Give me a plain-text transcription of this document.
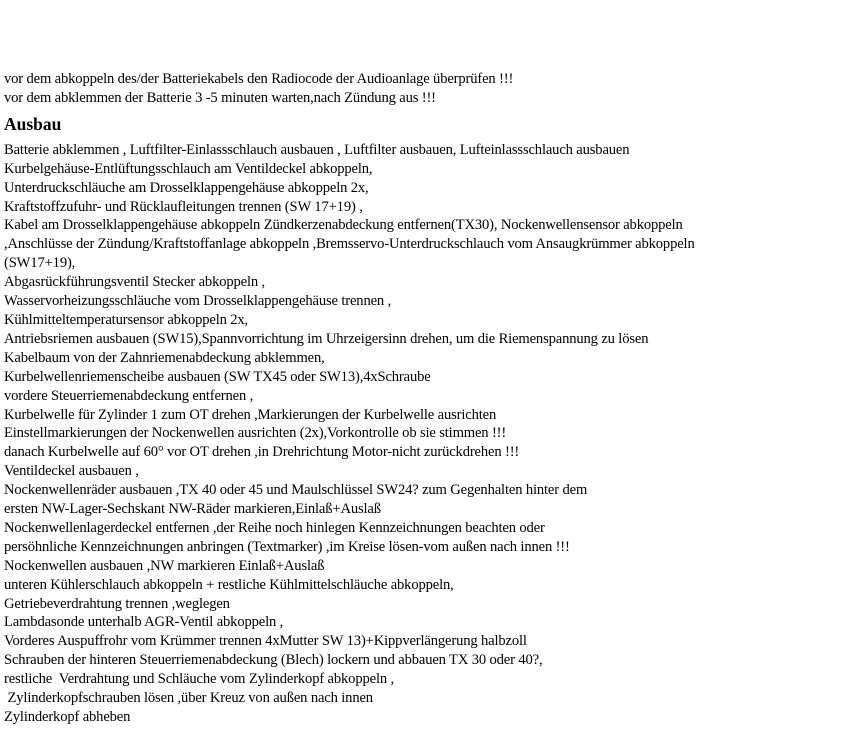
vor dem abkoppeln des/der Batteriekabels den Radiocode der Audioanlage überprüfen !!!
vor dem abklemmen der Batterie 3 -5 minuten warten,nach Zündung aus !!!
Ausbau
Batterie abklemmen , Luftfilter-Einlassschlauch ausbauen , Luftfilter ausbauen, Lufteinlassschlauch ausbauen
Kurbelgehäuse-Entlüftungsschlauch am Ventildeckel abkoppeln,
Unterdruckschläuche am Drosselklappengehäuse abkoppeln 2x,
Kraftstoffzufuhr- und Rücklaufleitungen trennen (SW 17+19) ,
Kabel am Drosselklappengehäuse abkoppeln Zündkerzenabdeckung entfernen(TX30), Nockenwellensensor abkoppeln
,Anschlüsse der Zündung/Kraftstoffanlage abkoppeln ,Bremsservo-Unterdruckschlauch vom Ansaugkrümmer abkoppeln
(SW17+19),
Abgasrückführungsventil Stecker abkoppeln ,
Wasservorheizungsschläuche vom Drosselklappengehäuse trennen ,
Kühlmitteltemperatursensor abkoppeln 2x,
Antriebsriemen ausbauen (SW15),Spannvorrichtung im Uhrzeigersinn drehen, um die Riemenspannung zu lösen
Kabelbaum von der Zahnriemenabdeckung abklemmen,
Kurbelwellenriemenscheibe ausbauen (SW TX45 oder SW13),4xSchraube
vordere Steuerriemenabdeckung entfernen ,
Kurbelwelle für Zylinder 1 zum OT drehen ,Markierungen der Kurbelwelle ausrichten
Einstellmarkierungen der Nockenwellen ausrichten (2x),Vorkontrolle ob sie stimmen !!!
danach Kurbelwelle auf 60° vor OT drehen ,in Drehrichtung Motor-nicht zurückdrehen !!!
Ventildeckel ausbauen ,
Nockenwellenräder ausbauen ,TX 40 oder 45 und Maulschlüssel SW24? zum Gegenhalten hinter dem
ersten NW-Lager-Sechskant NW-Räder markieren,Einlaß+Auslaß
Nockenwellenlagerdeckel entfernen ,der Reihe noch hinlegen Kennzeichnungen beachten oder
persöhnliche Kennzeichnungen anbringen (Textmarker) ,im Kreise lösen-vom außen nach innen !!!
Nockenwellen ausbauen ,NW markieren Einlaß+Auslaß
unteren Kühlerschlauch abkoppeln + restliche Kühlmittelschläuche abkoppeln,
Getriebeverdrahtung trennen ,weglegen
Lambdasonde unterhalb AGR-Ventil abkoppeln ,
Vorderes Auspuffrohr vom Krümmer trennen 4xMutter SW 13)+Kippverlängerung halbzoll
Schrauben der hinteren Steuerriemenabdeckung (Blech) lockern und abbauen TX 30 oder 40?,
restliche  Verdrahtung und Schläuche vom Zylinderkopf abkoppeln ,
Zylinderkopfschrauben lösen ,über Kreuz von außen nach innen
Zylinderkopf abheben
